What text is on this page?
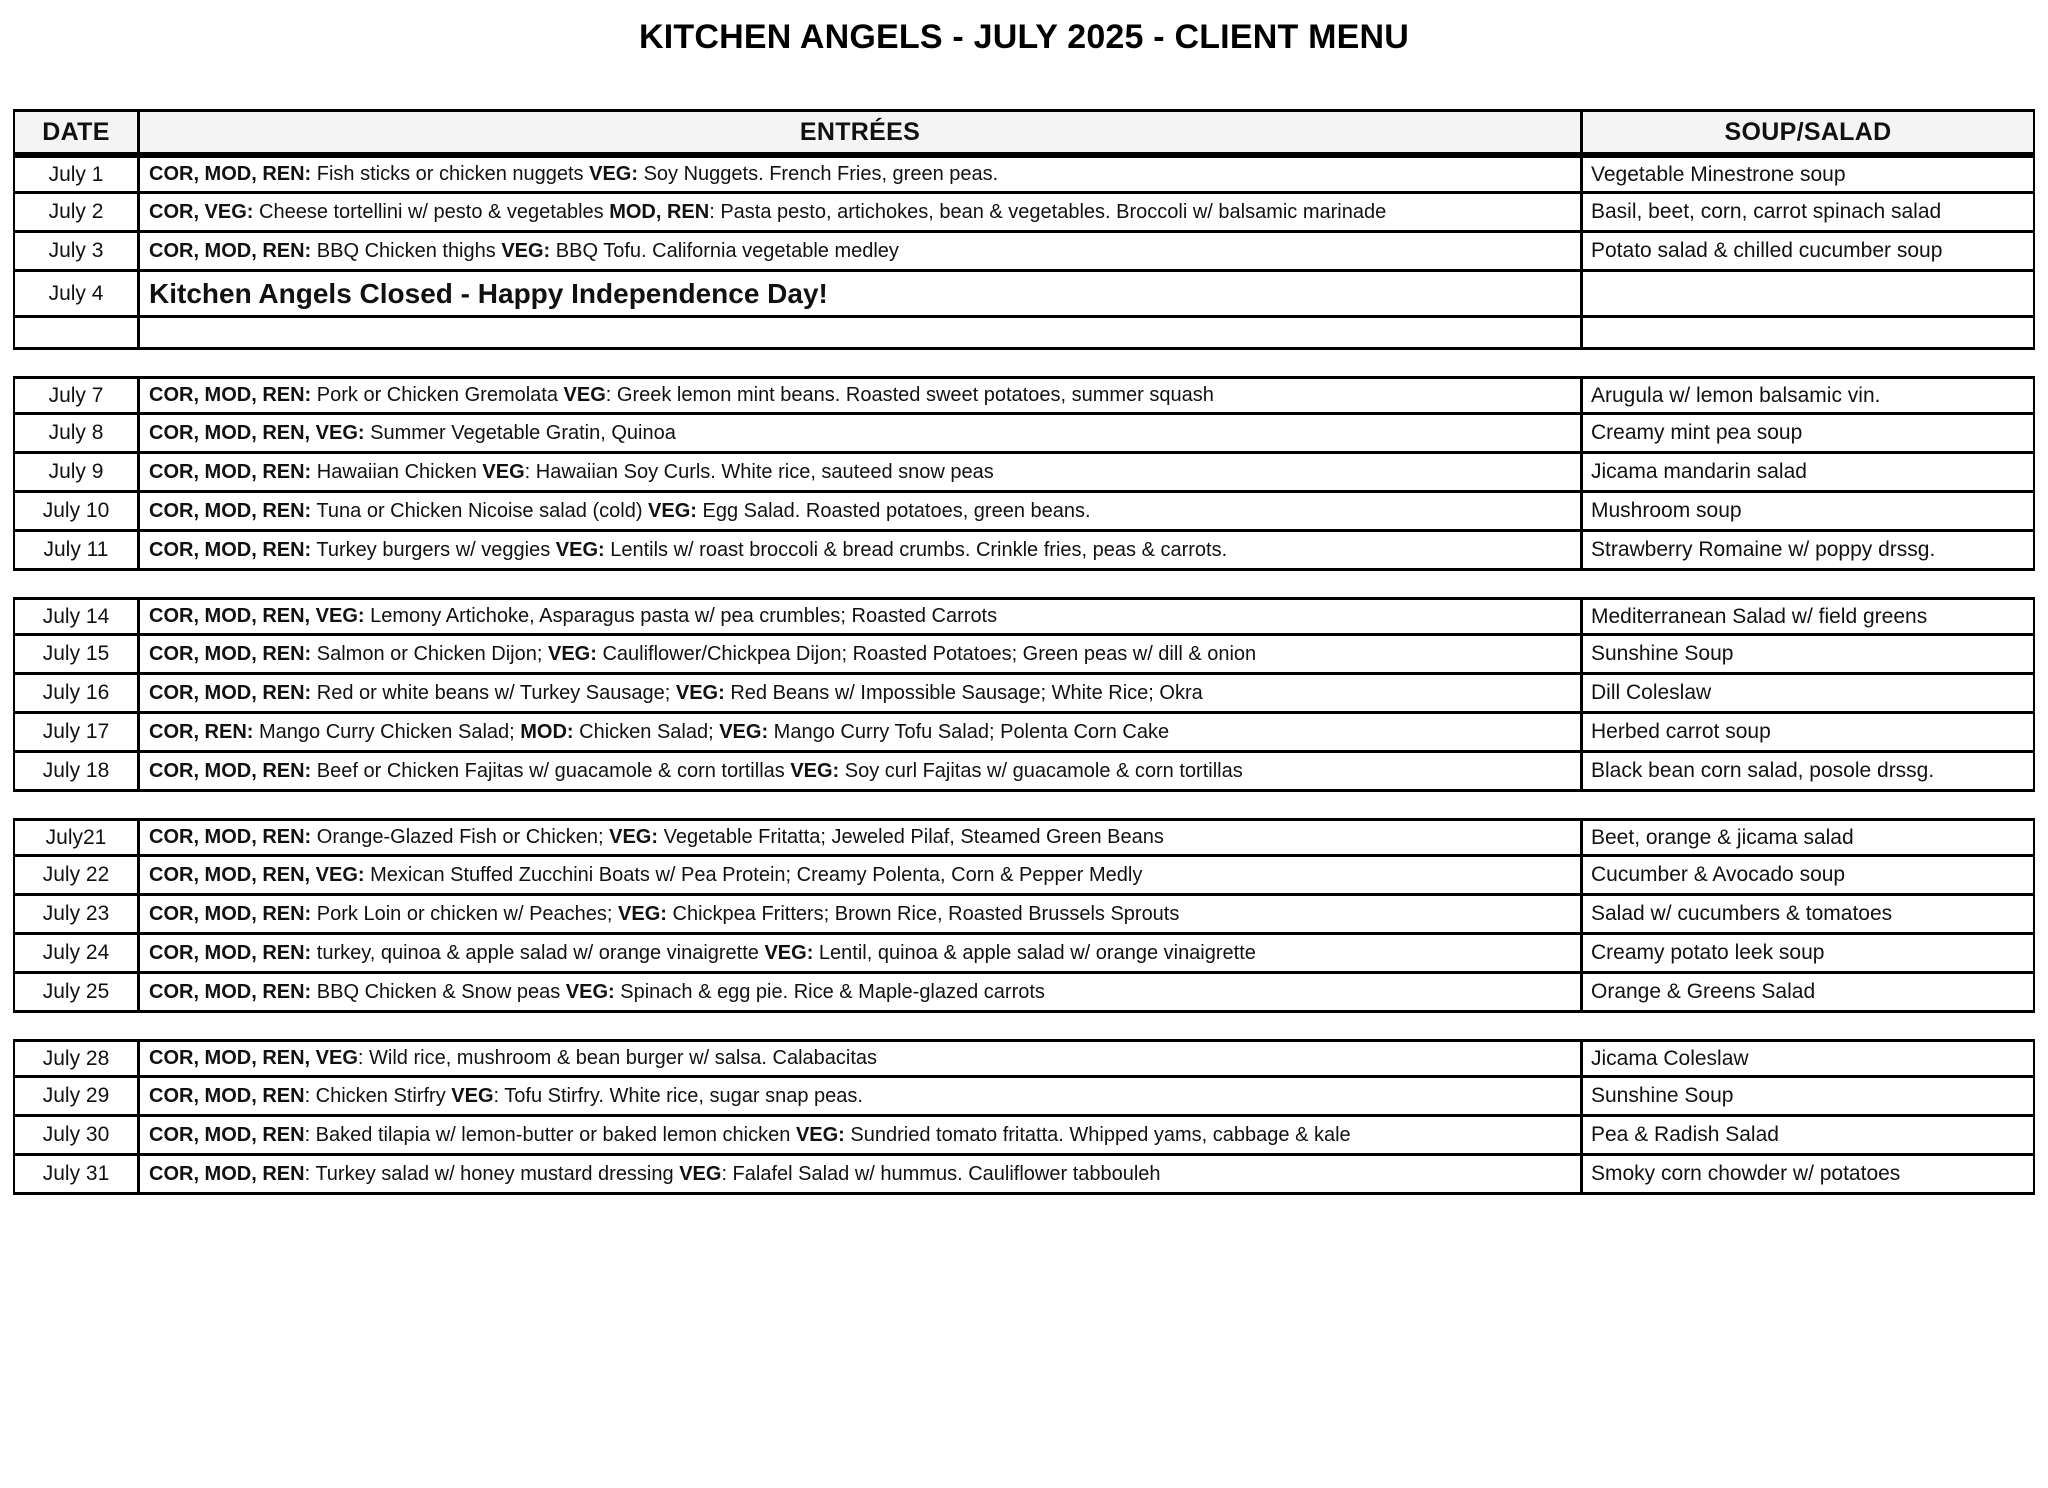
KITCHEN ANGELS - JULY 2025 - CLIENT MENU
DATE	ENTRÉES	SOUP/SALAD
July 1	COR, MOD, REN: Fish sticks or chicken nuggets VEG: Soy Nuggets. French Fries, green peas.	Vegetable Minestrone soup
July 2	COR, VEG: Cheese tortellini w/ pesto & vegetables MOD, REN: Pasta pesto, artichokes, bean & vegetables. Broccoli w/ balsamic marinade	Basil, beet, corn, carrot spinach salad
July 3	COR, MOD, REN: BBQ Chicken thighs VEG: BBQ Tofu. California vegetable medley	Potato salad & chilled cucumber soup
July 4	Kitchen Angels Closed - Happy Independence Day!	

July 7	COR, MOD, REN: Pork or Chicken Gremolata VEG: Greek lemon mint beans. Roasted sweet potatoes, summer squash	Arugula w/ lemon balsamic vin.
July 8	COR, MOD, REN, VEG: Summer Vegetable Gratin, Quinoa	Creamy mint pea soup
July 9	COR, MOD, REN: Hawaiian Chicken VEG: Hawaiian Soy Curls. White rice, sauteed snow peas	Jicama mandarin salad
July 10	COR, MOD, REN: Tuna or Chicken Nicoise salad (cold) VEG: Egg Salad. Roasted potatoes, green beans.	Mushroom soup
July 11	COR, MOD, REN: Turkey burgers w/ veggies VEG: Lentils w/ roast broccoli & bread crumbs. Crinkle fries, peas & carrots.	Strawberry Romaine w/ poppy drssg.

July 14	COR, MOD, REN, VEG: Lemony Artichoke, Asparagus pasta w/ pea crumbles; Roasted Carrots	Mediterranean Salad w/ field greens
July 15	COR, MOD, REN: Salmon or Chicken Dijon; VEG: Cauliflower/Chickpea Dijon; Roasted Potatoes; Green peas w/ dill & onion	Sunshine Soup
July 16	COR, MOD, REN: Red or white beans w/ Turkey Sausage; VEG: Red Beans w/ Impossible Sausage; White Rice; Okra	Dill Coleslaw
July 17	COR, REN: Mango Curry Chicken Salad; MOD: Chicken Salad; VEG: Mango Curry Tofu Salad; Polenta Corn Cake	Herbed carrot soup
July 18	COR, MOD, REN: Beef or Chicken Fajitas w/ guacamole & corn tortillas VEG: Soy curl Fajitas w/ guacamole & corn tortillas	Black bean corn salad, posole drssg.

July21	COR, MOD, REN: Orange-Glazed Fish or Chicken; VEG: Vegetable Fritatta; Jeweled Pilaf, Steamed Green Beans	Beet, orange & jicama salad
July 22	COR, MOD, REN, VEG: Mexican Stuffed Zucchini Boats w/ Pea Protein; Creamy Polenta, Corn & Pepper Medly	Cucumber & Avocado soup
July 23	COR, MOD, REN: Pork Loin or chicken w/ Peaches; VEG: Chickpea Fritters; Brown Rice, Roasted Brussels Sprouts	Salad w/ cucumbers & tomatoes
July 24	COR, MOD, REN: turkey, quinoa & apple salad w/ orange vinaigrette VEG: Lentil, quinoa & apple salad w/ orange vinaigrette	Creamy potato leek soup
July 25	COR, MOD, REN: BBQ Chicken & Snow peas VEG: Spinach & egg pie. Rice & Maple-glazed carrots	Orange & Greens Salad

July 28	COR, MOD, REN, VEG: Wild rice, mushroom & bean burger w/ salsa. Calabacitas	Jicama Coleslaw
July 29	COR, MOD, REN: Chicken Stirfry VEG: Tofu Stirfry. White rice, sugar snap peas.	Sunshine Soup
July 30	COR, MOD, REN: Baked tilapia w/ lemon-butter or baked lemon chicken VEG: Sundried tomato fritatta. Whipped yams, cabbage & kale	Pea & Radish Salad
July 31	COR, MOD, REN: Turkey salad w/ honey mustard dressing VEG: Falafel Salad w/ hummus. Cauliflower tabbouleh	Smoky corn chowder w/ potatoes
